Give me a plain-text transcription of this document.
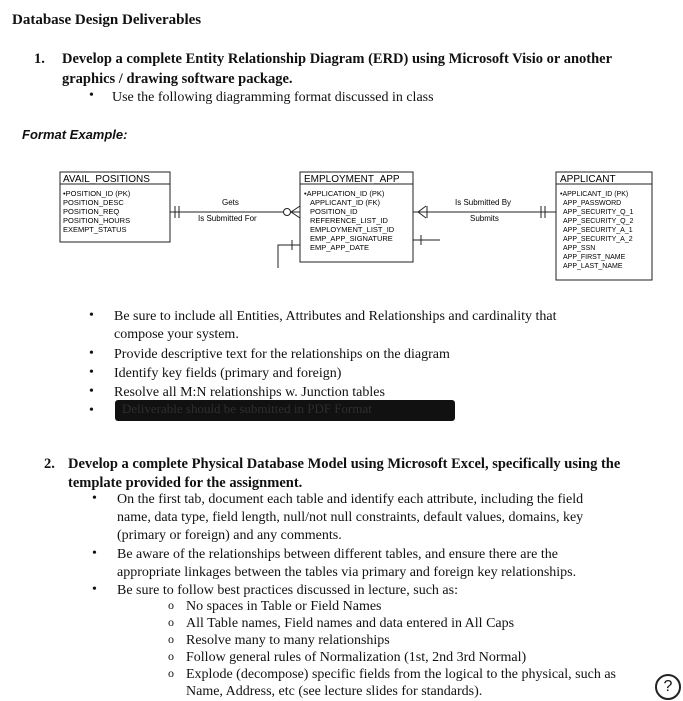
Database Design Deliverables
1. Develop a complete Entity Relationship Diagram (ERD) using Microsoft Visio or another
graphics / drawing software package.
• Use the following diagramming format discussed in class
Format Example:
AVAIL_POSITIONS
•POSITION_ID (PK)
POSITION_DESC
POSITION_REQ
POSITION_HOURS
EXEMPT_STATUS
EMPLOYMENT_APP
•APPLICATION_ID (PK)
APPLICANT_ID (FK)
POSITION_ID
REFERENCE_LIST_ID
EMPLOYMENT_LIST_ID
EMP_APP_SIGNATURE
EMP_APP_DATE
APPLICANT
•APPLICANT_ID (PK)
APP_PASSWORD
APP_SECURITY_Q_1
APP_SECURITY_Q_2
APP_SECURITY_A_1
APP_SECURITY_A_2
APP_SSN
APP_FIRST_NAME
APP_LAST_NAME
Gets
Is Submitted For
Is Submitted By
Submits
• Be sure to include all Entities, Attributes and Relationships and cardinality that
compose your system.
• Provide descriptive text for the relationships on the diagram
• Identify key fields (primary and foreign)
• Resolve all M:N relationships w. Junction tables
• Deliverable should be submitted in PDF Format
2. Develop a complete Physical Database Model using Microsoft Excel, specifically using the
template provided for the assignment.
• On the first tab, document each table and identify each attribute, including the field
name, data type, field length, null/not null constraints, default values, domains, key
(primary or foreign) and any comments.
• Be aware of the relationships between different tables, and ensure there are the
appropriate linkages between the tables via primary and foreign key relationships.
• Be sure to follow best practices discussed in lecture, such as:
o No spaces in Table or Field Names
o All Table names, Field names and data entered in All Caps
o Resolve many to many relationships
o Follow general rules of Normalization (1st, 2nd 3rd Normal)
o Explode (decompose) specific fields from the logical to the physical, such as
Name, Address, etc (see lecture slides for standards).	?
